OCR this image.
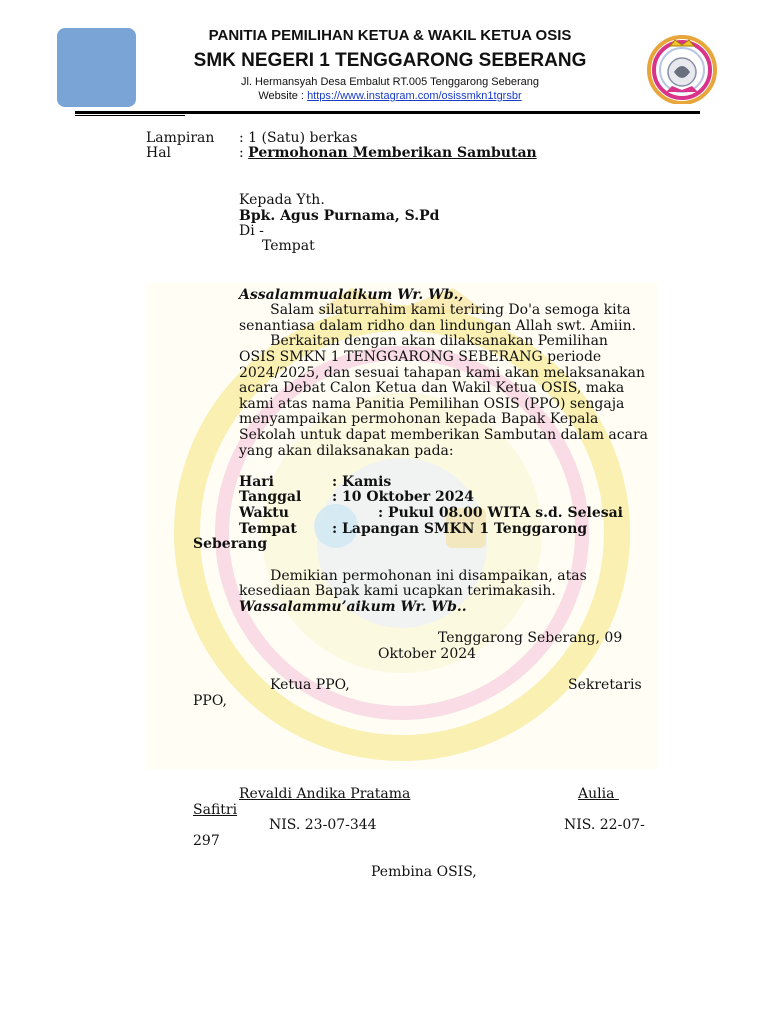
PANITIA PEMILIHAN KETUA & WAKIL KETUA OSIS
SMK NEGERI 1 TENGGARONG SEBERANG
Jl. Hermansyah Desa Embalut RT.005 Tenggarong Seberang
Website : https://www.instagram.com/osissmkn1tgrsbr
Lampiran : 1 (Satu) berkas
Hal	: Permohonan Memberikan Sambutan
Kepada Yth.
Bpk. Agus Purnama, S.Pd
Di -
Tempat
Assalammualaikum Wr. Wb.,
Salam silaturrahim kami teriring Do'a semoga kita
senantiasa dalam ridho dan lindungan Allah swt. Amiin.
Berkaitan dengan akan dilaksanakan Pemilihan
OSIS SMKN 1 TENGGARONG SEBERANG periode
2024/2025, dan sesuai tahapan kami akan melaksanakan
acara Debat Calon Ketua dan Wakil Ketua OSIS, maka
kami atas nama Panitia Pemilihan OSIS (PPO) sengaja
menyampaikan permohonan kepada Bapak Kepala
Sekolah untuk dapat memberikan Sambutan dalam acara
yang akan dilaksanakan pada:
Hari	: Kamis
Tanggal : 10 Oktober 2024
Waktu	: Pukul 08.00 WITA s.d. Selesai
Tempat	: Lapangan SMKN 1 Tenggarong
Seberang
Demikian permohonan ini disampaikan, atas
kesediaan Bapak kami ucapkan terimakasih.
Wassalammu’aikum Wr. Wb..
Tenggarong Seberang, 09
Oktober 2024
Ketua PPO,	Sekretaris
PPO,
Revaldi Andika Pratama	Aulia
Safitri
NIS. 23-07-344	NIS. 22-07-
297
Pembina OSIS,
